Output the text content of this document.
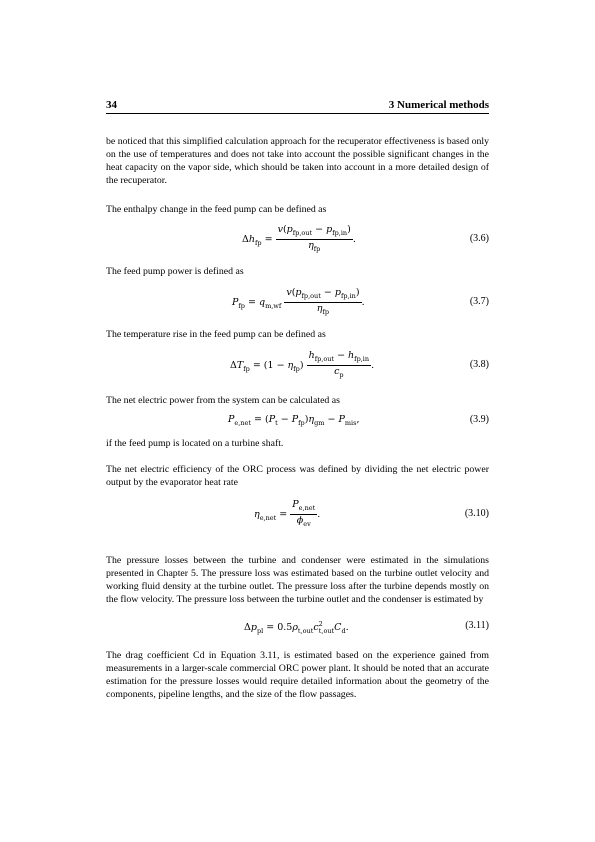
34	3 Numerical methods
be noticed that this simplified calculation approach for the recuperator effectiveness is based only on the use of temperatures and does not take into account the possible significant changes in the heat capacity on the vapor side, which should be taken into account in a more detailed design of the recuperator.
The enthalpy change in the feed pump can be defined as
$\Delta h_{fp} = \frac{v(p_{fp,out} - p_{fp,in})}{\eta_{fp}}$ .	(3.6)
The feed pump power is defined as
$P_{fp} = q_{m,wf} \frac{v(p_{fp,out} - p_{fp,in})}{\eta_{fp}}$ .	(3.7)
The temperature rise in the feed pump can be defined as
$\Delta T_{fp} = (1 - \eta_{fp}) \frac{h_{fp,out} - h_{fp,in}}{c_p}$ .	(3.8)
The net electric power from the system can be calculated as
$P_{e,net} = (P_t - P_{fp})\eta_{gm} - P_{mis}$,	(3.9)
if the feed pump is located on a turbine shaft.
The net electric efficiency of the ORC process was defined by dividing the net electric power output by the evaporator heat rate
$\eta_{e,net} = \frac{P_{e,net}}{\phi_{ev}}$ .	(3.10)
The pressure losses between the turbine and condenser were estimated in the simulations presented in Chapter 5. The pressure loss was estimated based on the turbine outlet velocity and working fluid density at the turbine outlet. The pressure loss after the turbine depends mostly on the flow velocity. The pressure loss between the turbine outlet and the condenser is estimated by
$\Delta p_{pl} = 0.5\rho_{t,out}c^2_{t,out}C_d$.	(3.11)
The drag coefficient Cd in Equation 3.11, is estimated based on the experience gained from measurements in a larger-scale commercial ORC power plant. It should be noted that an accurate estimation for the pressure losses would require detailed information about the geometry of the components, pipeline lengths, and the size of the flow passages.
